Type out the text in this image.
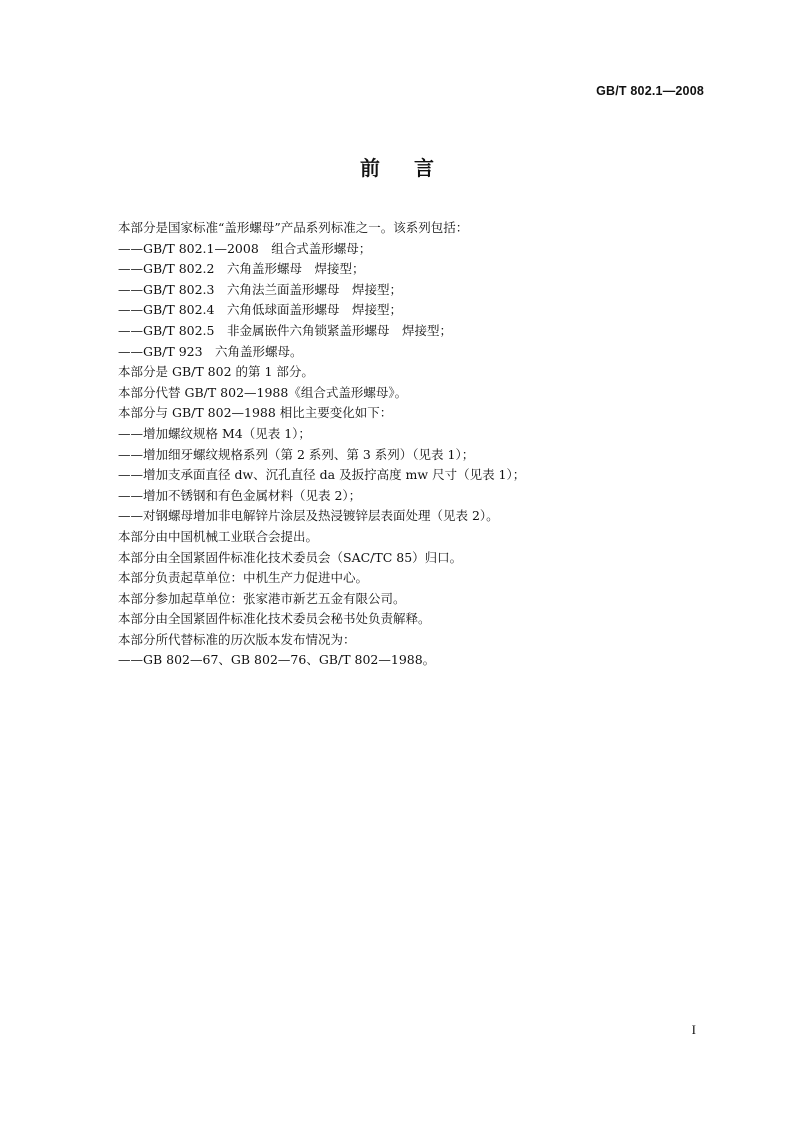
GB/T 802.1—2008
前言
本部分是国家标准“盖形螺母”产品系列标准之一。该系列包括：
——GB/T 802.1—2008　组合式盖形螺母；
——GB/T 802.2　六角盖形螺母　焊接型；
——GB/T 802.3　六角法兰面盖形螺母　焊接型；
——GB/T 802.4　六角低球面盖形螺母　焊接型；
——GB/T 802.5　非金属嵌件六角锁紧盖形螺母　焊接型；
——GB/T 923　六角盖形螺母。
本部分是 GB/T 802 的第 1 部分。
本部分代替 GB/T 802—1988《组合式盖形螺母》。
本部分与 GB/T 802—1988 相比主要变化如下：
——增加螺纹规格 M4（见表 1）；
——增加细牙螺纹规格系列（第 2 系列、第 3 系列）（见表 1）；
——增加支承面直径 dw、沉孔直径 da 及扳拧高度 mw 尺寸（见表 1）；
——增加不锈钢和有色金属材料（见表 2）；
——对钢螺母增加非电解锌片涂层及热浸镀锌层表面处理（见表 2）。
本部分由中国机械工业联合会提出。
本部分由全国紧固件标准化技术委员会（SAC/TC 85）归口。
本部分负责起草单位：中机生产力促进中心。
本部分参加起草单位：张家港市新艺五金有限公司。
本部分由全国紧固件标准化技术委员会秘书处负责解释。
本部分所代替标准的历次版本发布情况为：
——GB 802—67、GB 802—76、GB/T 802—1988。
I
